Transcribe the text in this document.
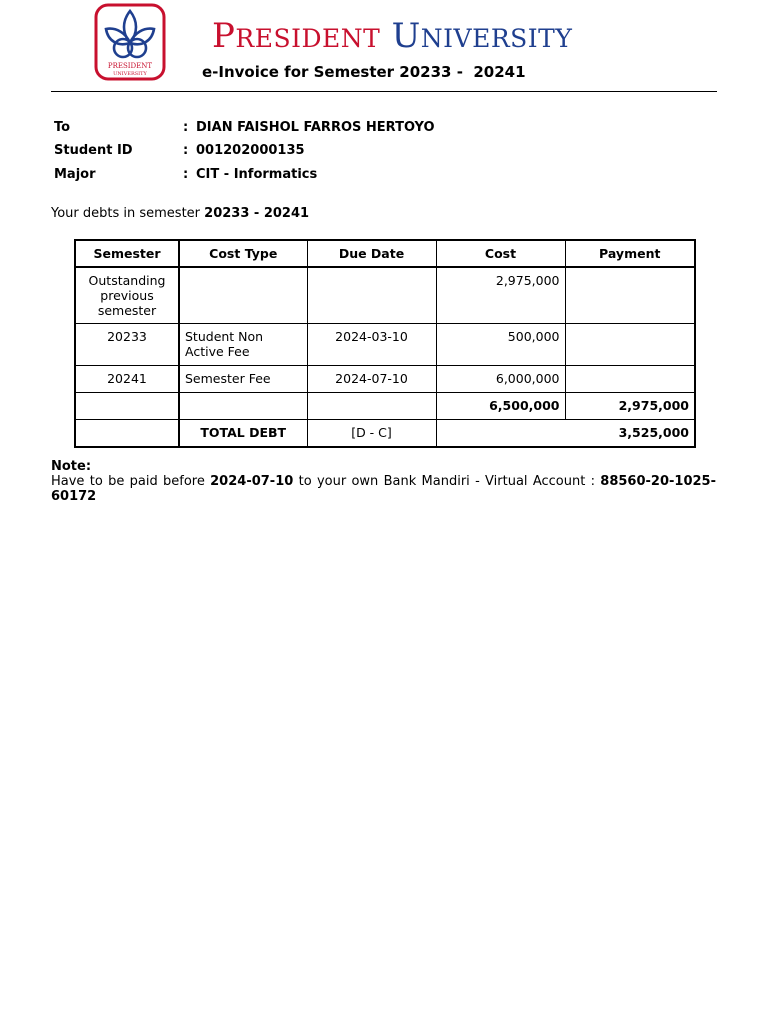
PRESIDENT
UNIVERSITY
PRESIDENT UNIVERSITY
e-Invoice for Semester 20233 -  20241
To	: DIAN FAISHOL FARROS HERTOYO
Student ID	: 001202000135
Major	: CIT - Informatics
Your debts in semester 20233 - 20241
Semester	Cost Type	Due Date	Cost	Payment
Outstanding previous semester			2,975,000	
20233	Student Non Active Fee	2024-03-10	500,000	
20241	Semester Fee	2024-07-10	6,000,000	
			6,500,000	2,975,000
	TOTAL DEBT	[D - C]	3,525,000	
Note:
Have to be paid before 2024-07-10 to your own Bank Mandiri - Virtual Account : 88560-20-1025-60172
